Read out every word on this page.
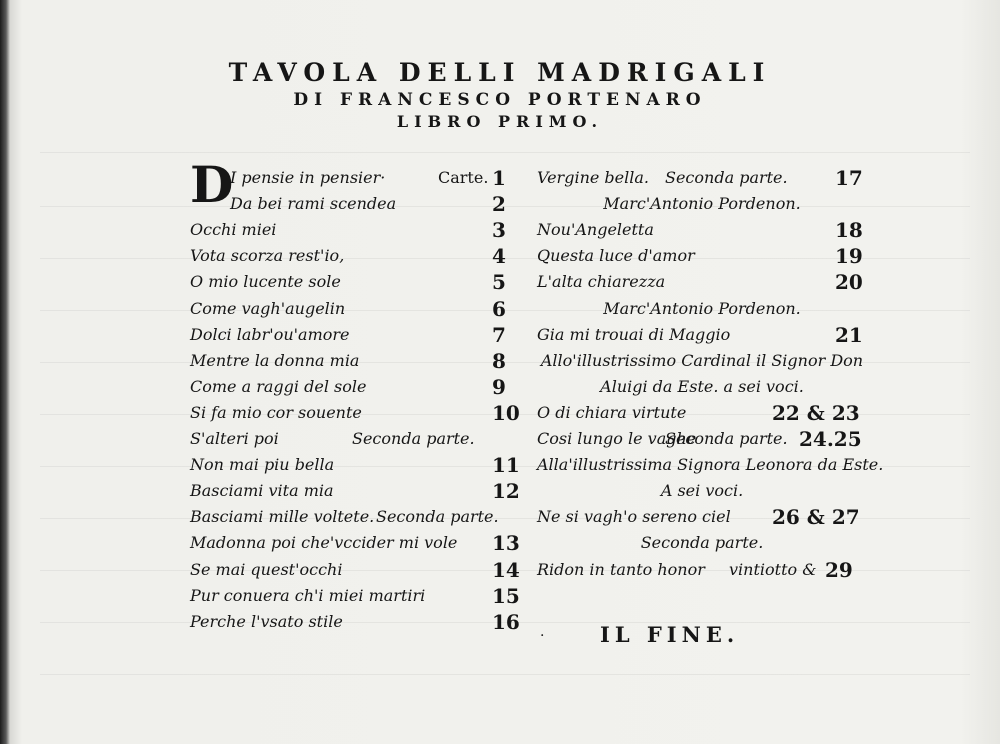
TAVOLA DELLI MADRIGALI
DI FRANCESCO PORTENARO
LIBRO PRIMO.
D
I pensie in pensier·	Carte. 1
Da bei rami scendea	2
Occhi miei	3
Vota scorza rest'io,	4
O mio lucente sole	5
Come vagh'augelin	6
Dolci labr'ou'amore	7
Mentre la donna mia	8
Come a raggi del sole	9
Si fa mio cor souente	10
S'alteri poi	Seconda parte.
Non mai piu bella	11
Basciami vita mia	12
Basciami mille voltete. Seconda parte.
Madonna poi che'vccider mi vole 13
Se mai quest'occhi	14
Pur conuera ch'i miei martiri	15
Perche l'vsato stile	16
Vergine bella. Seconda parte. 17
Marc'Antonio Pordenon.
Nou'Angeletta	18
Questa luce d'amor	19
L'alta chiarezza	20
Marc'Antonio Pordenon.
Gia mi trouai di Maggio	21
Allo'illustrissimo Cardinal il Signor Don
Aluigi da Este. a sei voci.
O di chiara virtute	22 & 23
Cosi lungo le vaghe
Seconda parte. 24.25
Alla'illustrissima Signora Leonora da Este.
A sei voci.
Ne si vagh'o sereno ciel 26 & 27
Seconda parte.
Ridon in tanto honor vintiotto & 29
·	IL FINE.
